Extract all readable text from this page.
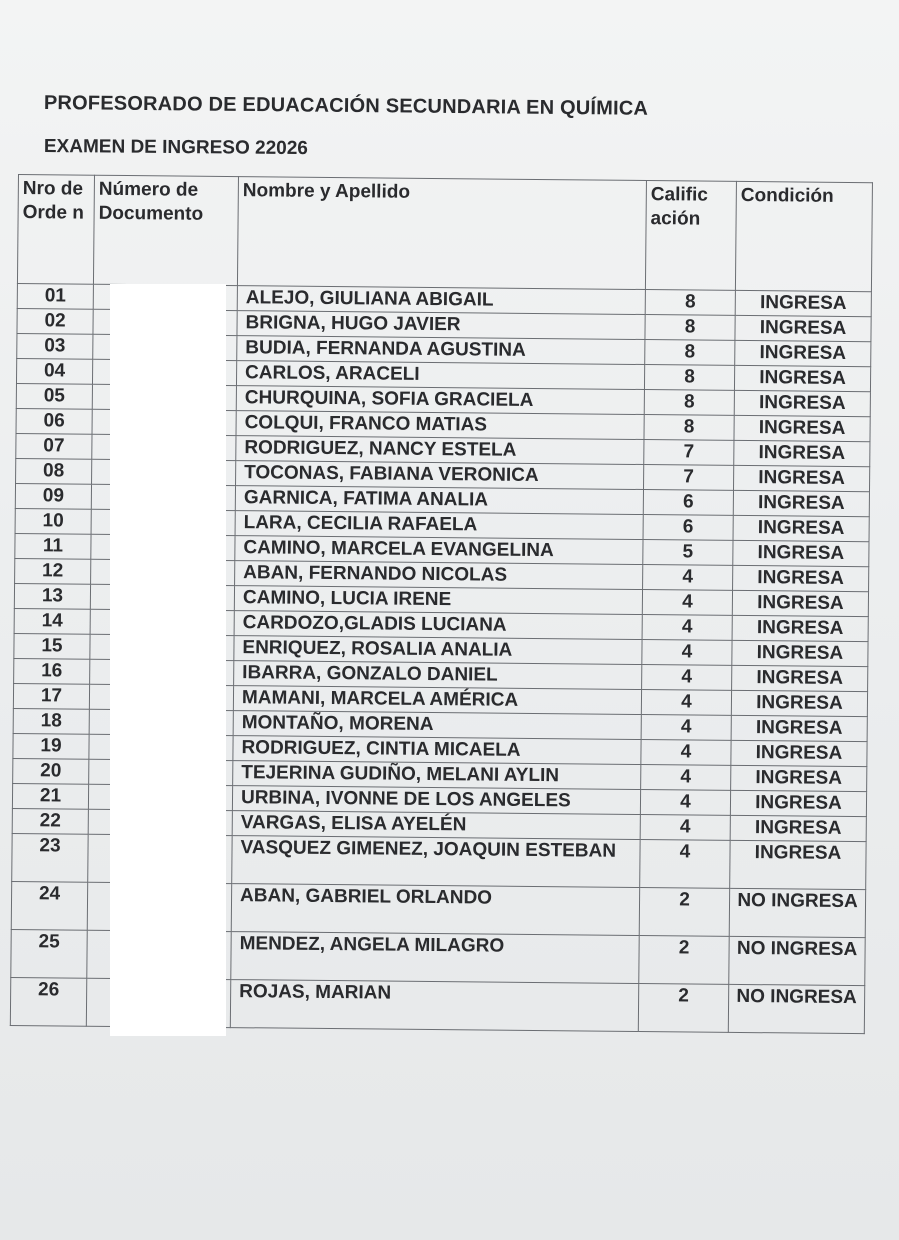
PROFESORADO DE EDUACACIÓN SECUNDARIA EN QUÍMICA
EXAMEN DE INGRESO 22026
Nro de Orde n	Número de Documento	Nombre y Apellido	Calific ación	Condición
01		ALEJO, GIULIANA ABIGAIL	8	INGRESA
02		BRIGNA, HUGO JAVIER	8	INGRESA
03		BUDIA, FERNANDA AGUSTINA	8	INGRESA
04		CARLOS, ARACELI	8	INGRESA
05		CHURQUINA, SOFIA GRACIELA	8	INGRESA
06		COLQUI, FRANCO MATIAS	8	INGRESA
07		RODRIGUEZ, NANCY ESTELA	7	INGRESA
08		TOCONAS, FABIANA VERONICA	7	INGRESA
09		GARNICA, FATIMA ANALIA	6	INGRESA
10		LARA, CECILIA RAFAELA	6	INGRESA
11		CAMINO, MARCELA EVANGELINA	5	INGRESA
12		ABAN, FERNANDO NICOLAS	4	INGRESA
13		CAMINO, LUCIA IRENE	4	INGRESA
14		CARDOZO,GLADIS LUCIANA	4	INGRESA
15		ENRIQUEZ, ROSALIA ANALIA	4	INGRESA
16		IBARRA, GONZALO DANIEL	4	INGRESA
17		MAMANI, MARCELA AMÉRICA	4	INGRESA
18		MONTAÑO, MORENA	4	INGRESA
19		RODRIGUEZ, CINTIA MICAELA	4	INGRESA
20		TEJERINA GUDIÑO, MELANI AYLIN	4	INGRESA
21		URBINA, IVONNE DE LOS ANGELES	4	INGRESA
22		VARGAS, ELISA AYELÉN	4	INGRESA
23		VASQUEZ GIMENEZ, JOAQUIN ESTEBAN	4	INGRESA
24		ABAN, GABRIEL ORLANDO	2	NO INGRESA
25		MENDEZ, ANGELA MILAGRO	2	NO INGRESA
26		ROJAS, MARIAN	2	NO INGRESA
